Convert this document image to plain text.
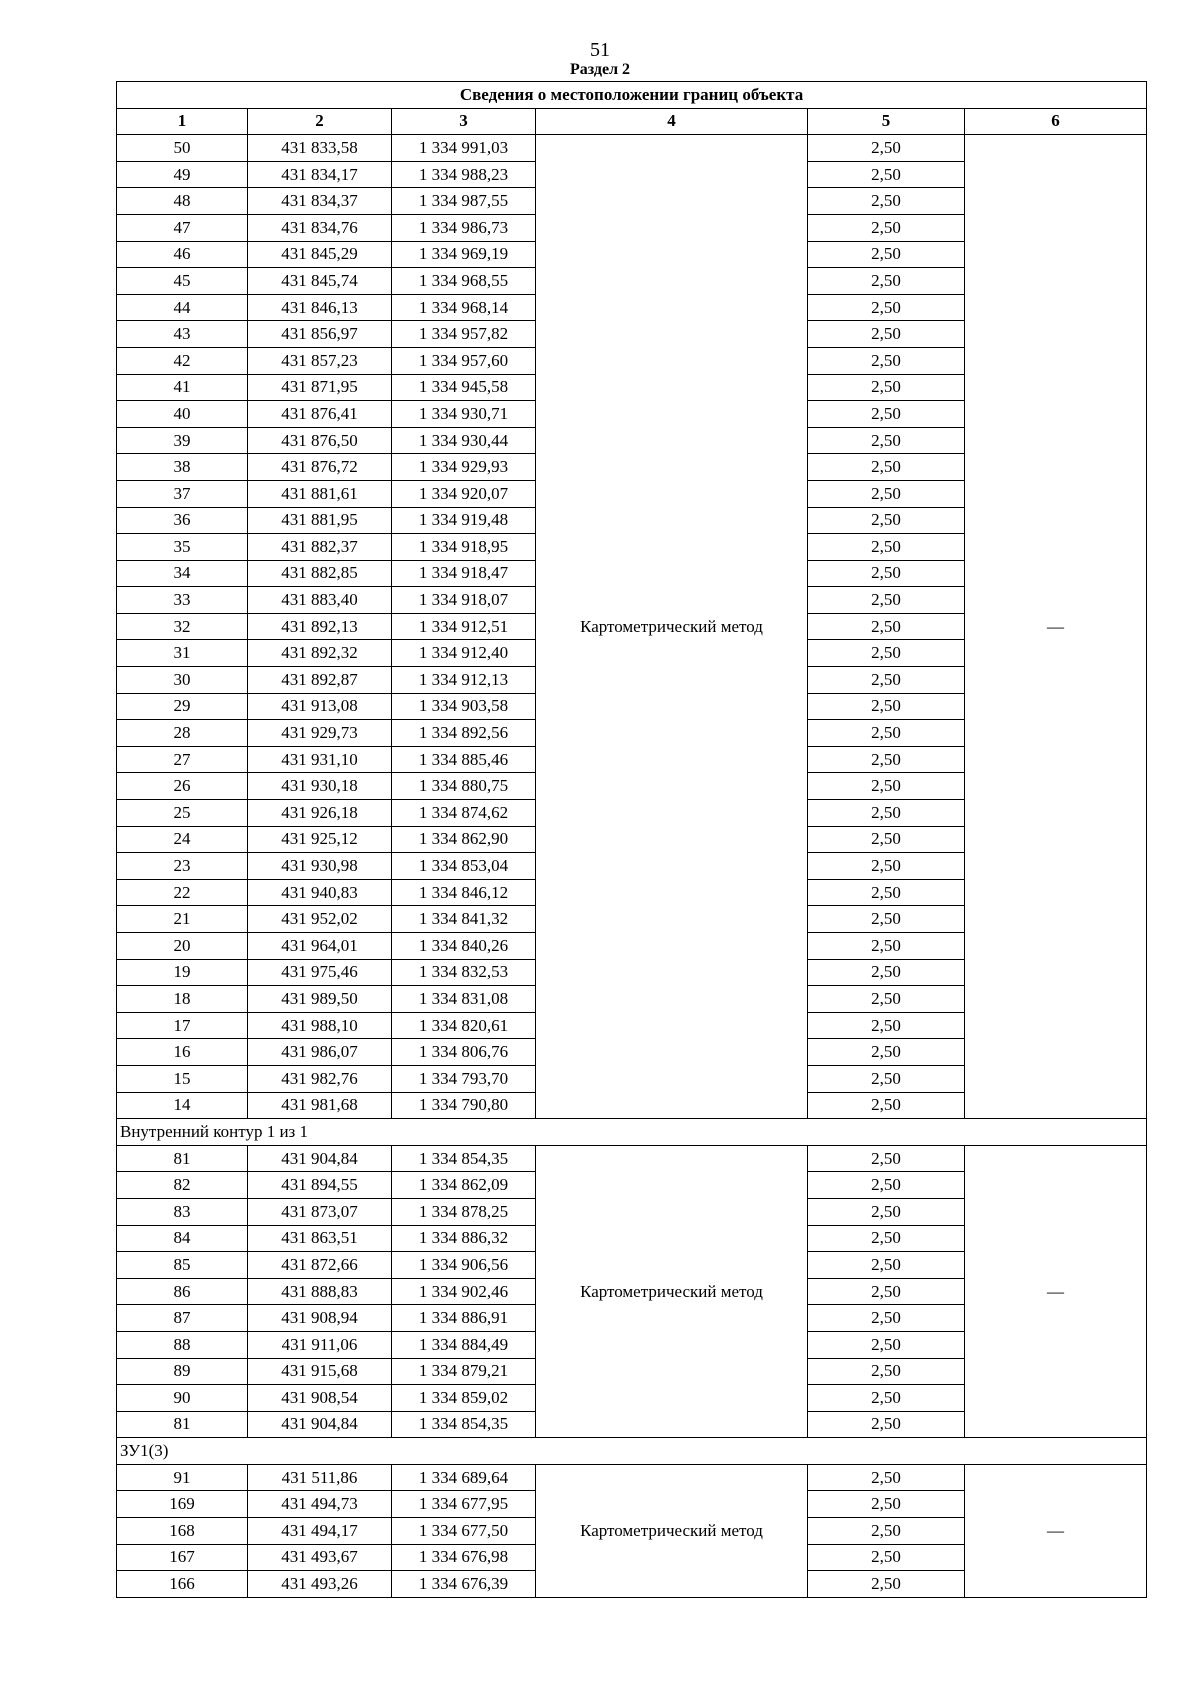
51
Раздел 2
Сведения о местоположении границ объекта					
1	2	3	4	5	6
50	431 833,58	1 334 991,03	Картометрический метод	2,50	—
49	431 834,17	1 334 988,23		2,50	
48	431 834,37	1 334 987,55		2,50	
47	431 834,76	1 334 986,73		2,50	
46	431 845,29	1 334 969,19		2,50	
45	431 845,74	1 334 968,55		2,50	
44	431 846,13	1 334 968,14		2,50	
43	431 856,97	1 334 957,82		2,50	
42	431 857,23	1 334 957,60		2,50	
41	431 871,95	1 334 945,58		2,50	
40	431 876,41	1 334 930,71		2,50	
39	431 876,50	1 334 930,44		2,50	
38	431 876,72	1 334 929,93		2,50	
37	431 881,61	1 334 920,07		2,50	
36	431 881,95	1 334 919,48		2,50	
35	431 882,37	1 334 918,95		2,50	
34	431 882,85	1 334 918,47		2,50	
33	431 883,40	1 334 918,07		2,50	
32	431 892,13	1 334 912,51		2,50	
31	431 892,32	1 334 912,40		2,50	
30	431 892,87	1 334 912,13		2,50	
29	431 913,08	1 334 903,58		2,50	
28	431 929,73	1 334 892,56		2,50	
27	431 931,10	1 334 885,46		2,50	
26	431 930,18	1 334 880,75		2,50	
25	431 926,18	1 334 874,62		2,50	
24	431 925,12	1 334 862,90		2,50	
23	431 930,98	1 334 853,04		2,50	
22	431 940,83	1 334 846,12		2,50	
21	431 952,02	1 334 841,32		2,50	
20	431 964,01	1 334 840,26		2,50	
19	431 975,46	1 334 832,53		2,50	
18	431 989,50	1 334 831,08		2,50	
17	431 988,10	1 334 820,61		2,50	
16	431 986,07	1 334 806,76		2,50	
15	431 982,76	1 334 793,70		2,50	
14	431 981,68	1 334 790,80		2,50	
Внутренний контур 1 из 1					
81	431 904,84	1 334 854,35	Картометрический метод	2,50	—
82	431 894,55	1 334 862,09		2,50	
83	431 873,07	1 334 878,25		2,50	
84	431 863,51	1 334 886,32		2,50	
85	431 872,66	1 334 906,56		2,50	
86	431 888,83	1 334 902,46		2,50	
87	431 908,94	1 334 886,91		2,50	
88	431 911,06	1 334 884,49		2,50	
89	431 915,68	1 334 879,21		2,50	
90	431 908,54	1 334 859,02		2,50	
81	431 904,84	1 334 854,35		2,50	
ЗУ1(3)					
91	431 511,86	1 334 689,64	Картометрический метод	2,50	—
169	431 494,73	1 334 677,95		2,50	
168	431 494,17	1 334 677,50		2,50	
167	431 493,67	1 334 676,98		2,50	
166	431 493,26	1 334 676,39		2,50	
